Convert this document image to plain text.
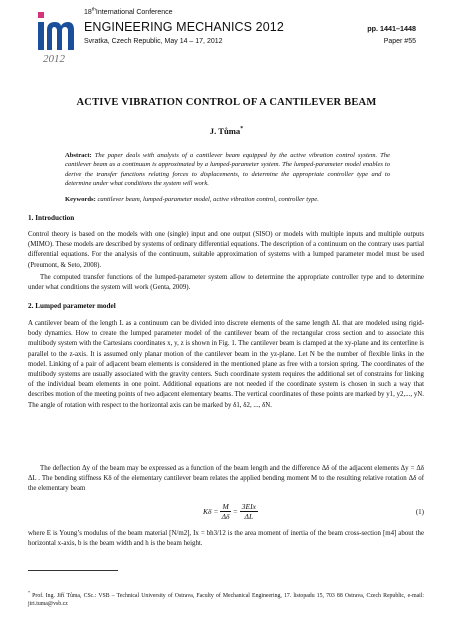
2012
18thInternational Conference
ENGINEERING MECHANICS 2012
Svratka, Czech Republic, May 14 – 17, 2012
pp. 1441–1448
Paper #55
ACTIVE VIBRATION CONTROL OF A CANTILEVER BEAM
J. Tůma*

Abstract: The paper deals with analysis of a cantilever beam equipped by the active vibration control system. The cantilever beam as a continuum is approximated by a lumped-parameter system. The lumped-parameter model enables to derive the transfer functions relating forces to displacements, to determine the appropriate controller type and to determine under what conditions the system will work.

Keywords: cantilever beam, lumped-parameter model, active vibration control, controller type.

1. Introduction

Control theory is based on the models with one (single) input and one output (SISO) or models with multiple inputs and multiple outputs (MIMO). These models are described by systems of ordinary differential equations. The description of a continuum on the contrary uses partial differential equations. For the analysis of the continuum, suitable approximation of systems with a lumped parameter model must be used (Preumont, & Seto, 2008).

The computed transfer functions of the lumped-parameter system allow to determine the appropriate controller type and to determine under what conditions the system will work (Genta, 2009).

2. Lumped parameter model

A cantilever beam of the length L as a continuum can be divided into discrete elements of the same length ΔL that are modeled using rigid-body dynamics. How to create the lumped parameter model of the cantilever beam of the rectangular cross section and to associate this multibody system with the Cartesians coordinates x, y, z is shown in Fig. 1. The cantilever beam is clamped at the xy-plane and its centerline is parallel to the z-axis. It is assumed only planar motion of the cantilever beam in the yz-plane. Let N be the number of flexible links in the model. Linking of a pair of adjacent beam elements is considered in the mentioned plane as free with a torsion spring. The coordinates of the multibody systems are usually associated with the gravity centers. Such coordinate system requires the additional set of constrains for linking of the individual beam elements in one point. Additional equations are not needed if the coordinate system is chosen in such a way that describes motion of the meeting points of two adjacent elementary beams. The vertical coordinates of these points are marked by y1, y2,..., yN. The angle of rotation with respect to the horizontal axis can be marked by δ1, δ2, ..., δN.

The deflection Δy of the beam may be expressed as a function of the beam length and the difference Δδ of the adjacent elements Δy = Δδ ΔL . The bending stiffness Kδ of the elementary cantilever beam relates the applied bending moment M to the resulting relative rotation Δδ of the elementary beam

$K\delta = \frac{M}{\Delta\delta}$ =
3EIx
ΔL	(1)

where E is Young’s modulus of the beam material [N/m2], Ix = bh3/12 is the area moment of inertia of the beam cross-section [m4] about the horizontal x-axis, b is the beam width and h is the beam height.

* Prof. Ing. Jiří Tůma, CSc.: VSB – Technical University of Ostrava, Faculty of Mechanical Engineering, 17. listopadu 15, 703 88 Ostrava, Czech Republic, e-mail: jiri.tuma@vsb.cz
